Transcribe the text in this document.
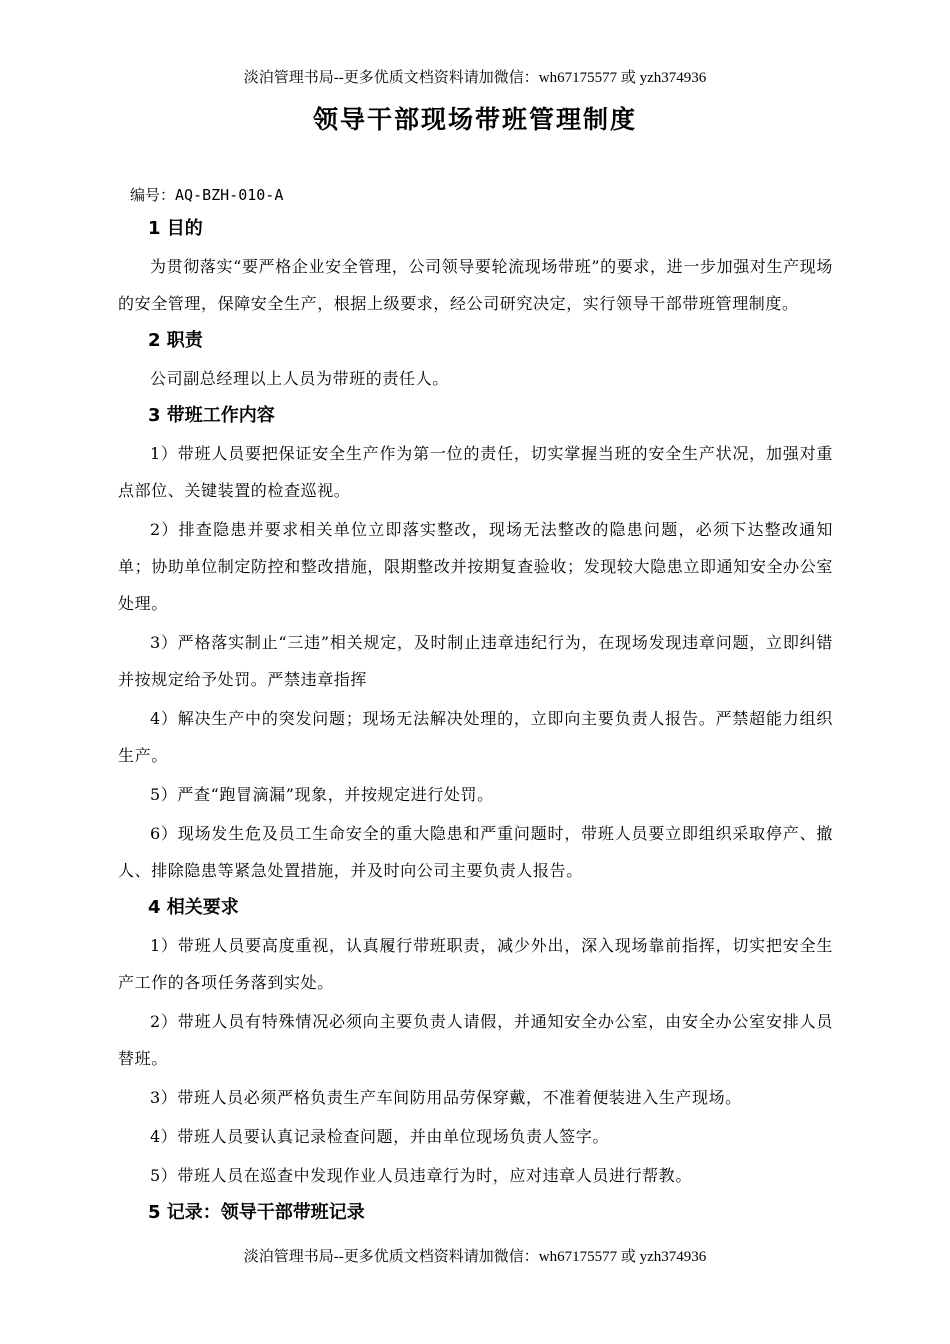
淡泊管理书局--更多优质文档资料请加微信：wh67175577 或 yzh374936
领导干部现场带班管理制度
编号：AQ-BZH-010-A
1 目的

为贯彻落实“要严格企业安全管理，公司领导要轮流现场带班”的要求，进一步加强对生产现场的安全管理，保障安全生产，根据上级要求，经公司研究决定，实行领导干部带班管理制度。

2 职责

公司副总经理以上人员为带班的责任人。

3 带班工作内容

1）带班人员要把保证安全生产作为第一位的责任，切实掌握当班的安全生产状况，加强对重点部位、关键装置的检查巡视。

2）排查隐患并要求相关单位立即落实整改，现场无法整改的隐患问题，必须下达整改通知单；协助单位制定防控和整改措施，限期整改并按期复查验收；发现较大隐患立即通知安全办公室处理。

3）严格落实制止“三违”相关规定，及时制止违章违纪行为，在现场发现违章问题，立即纠错并按规定给予处罚。严禁违章指挥

4）解决生产中的突发问题；现场无法解决处理的，立即向主要负责人报告。严禁超能力组织生产。

5）严查“跑冒滴漏”现象，并按规定进行处罚。

6）现场发生危及员工生命安全的重大隐患和严重问题时，带班人员要立即组织采取停产、撤人、排除隐患等紧急处置措施，并及时向公司主要负责人报告。

4 相关要求

1）带班人员要高度重视，认真履行带班职责，减少外出，深入现场靠前指挥，切实把安全生产工作的各项任务落到实处。

2）带班人员有特殊情况必须向主要负责人请假，并通知安全办公室，由安全办公室安排人员替班。

3）带班人员必须严格负责生产车间防用品劳保穿戴，不准着便装进入生产现场。

4）带班人员要认真记录检查问题，并由单位现场负责人签字。

5）带班人员在巡查中发现作业人员违章行为时，应对违章人员进行帮教。

5 记录：领导干部带班记录
淡泊管理书局--更多优质文档资料请加微信：wh67175577 或 yzh374936
